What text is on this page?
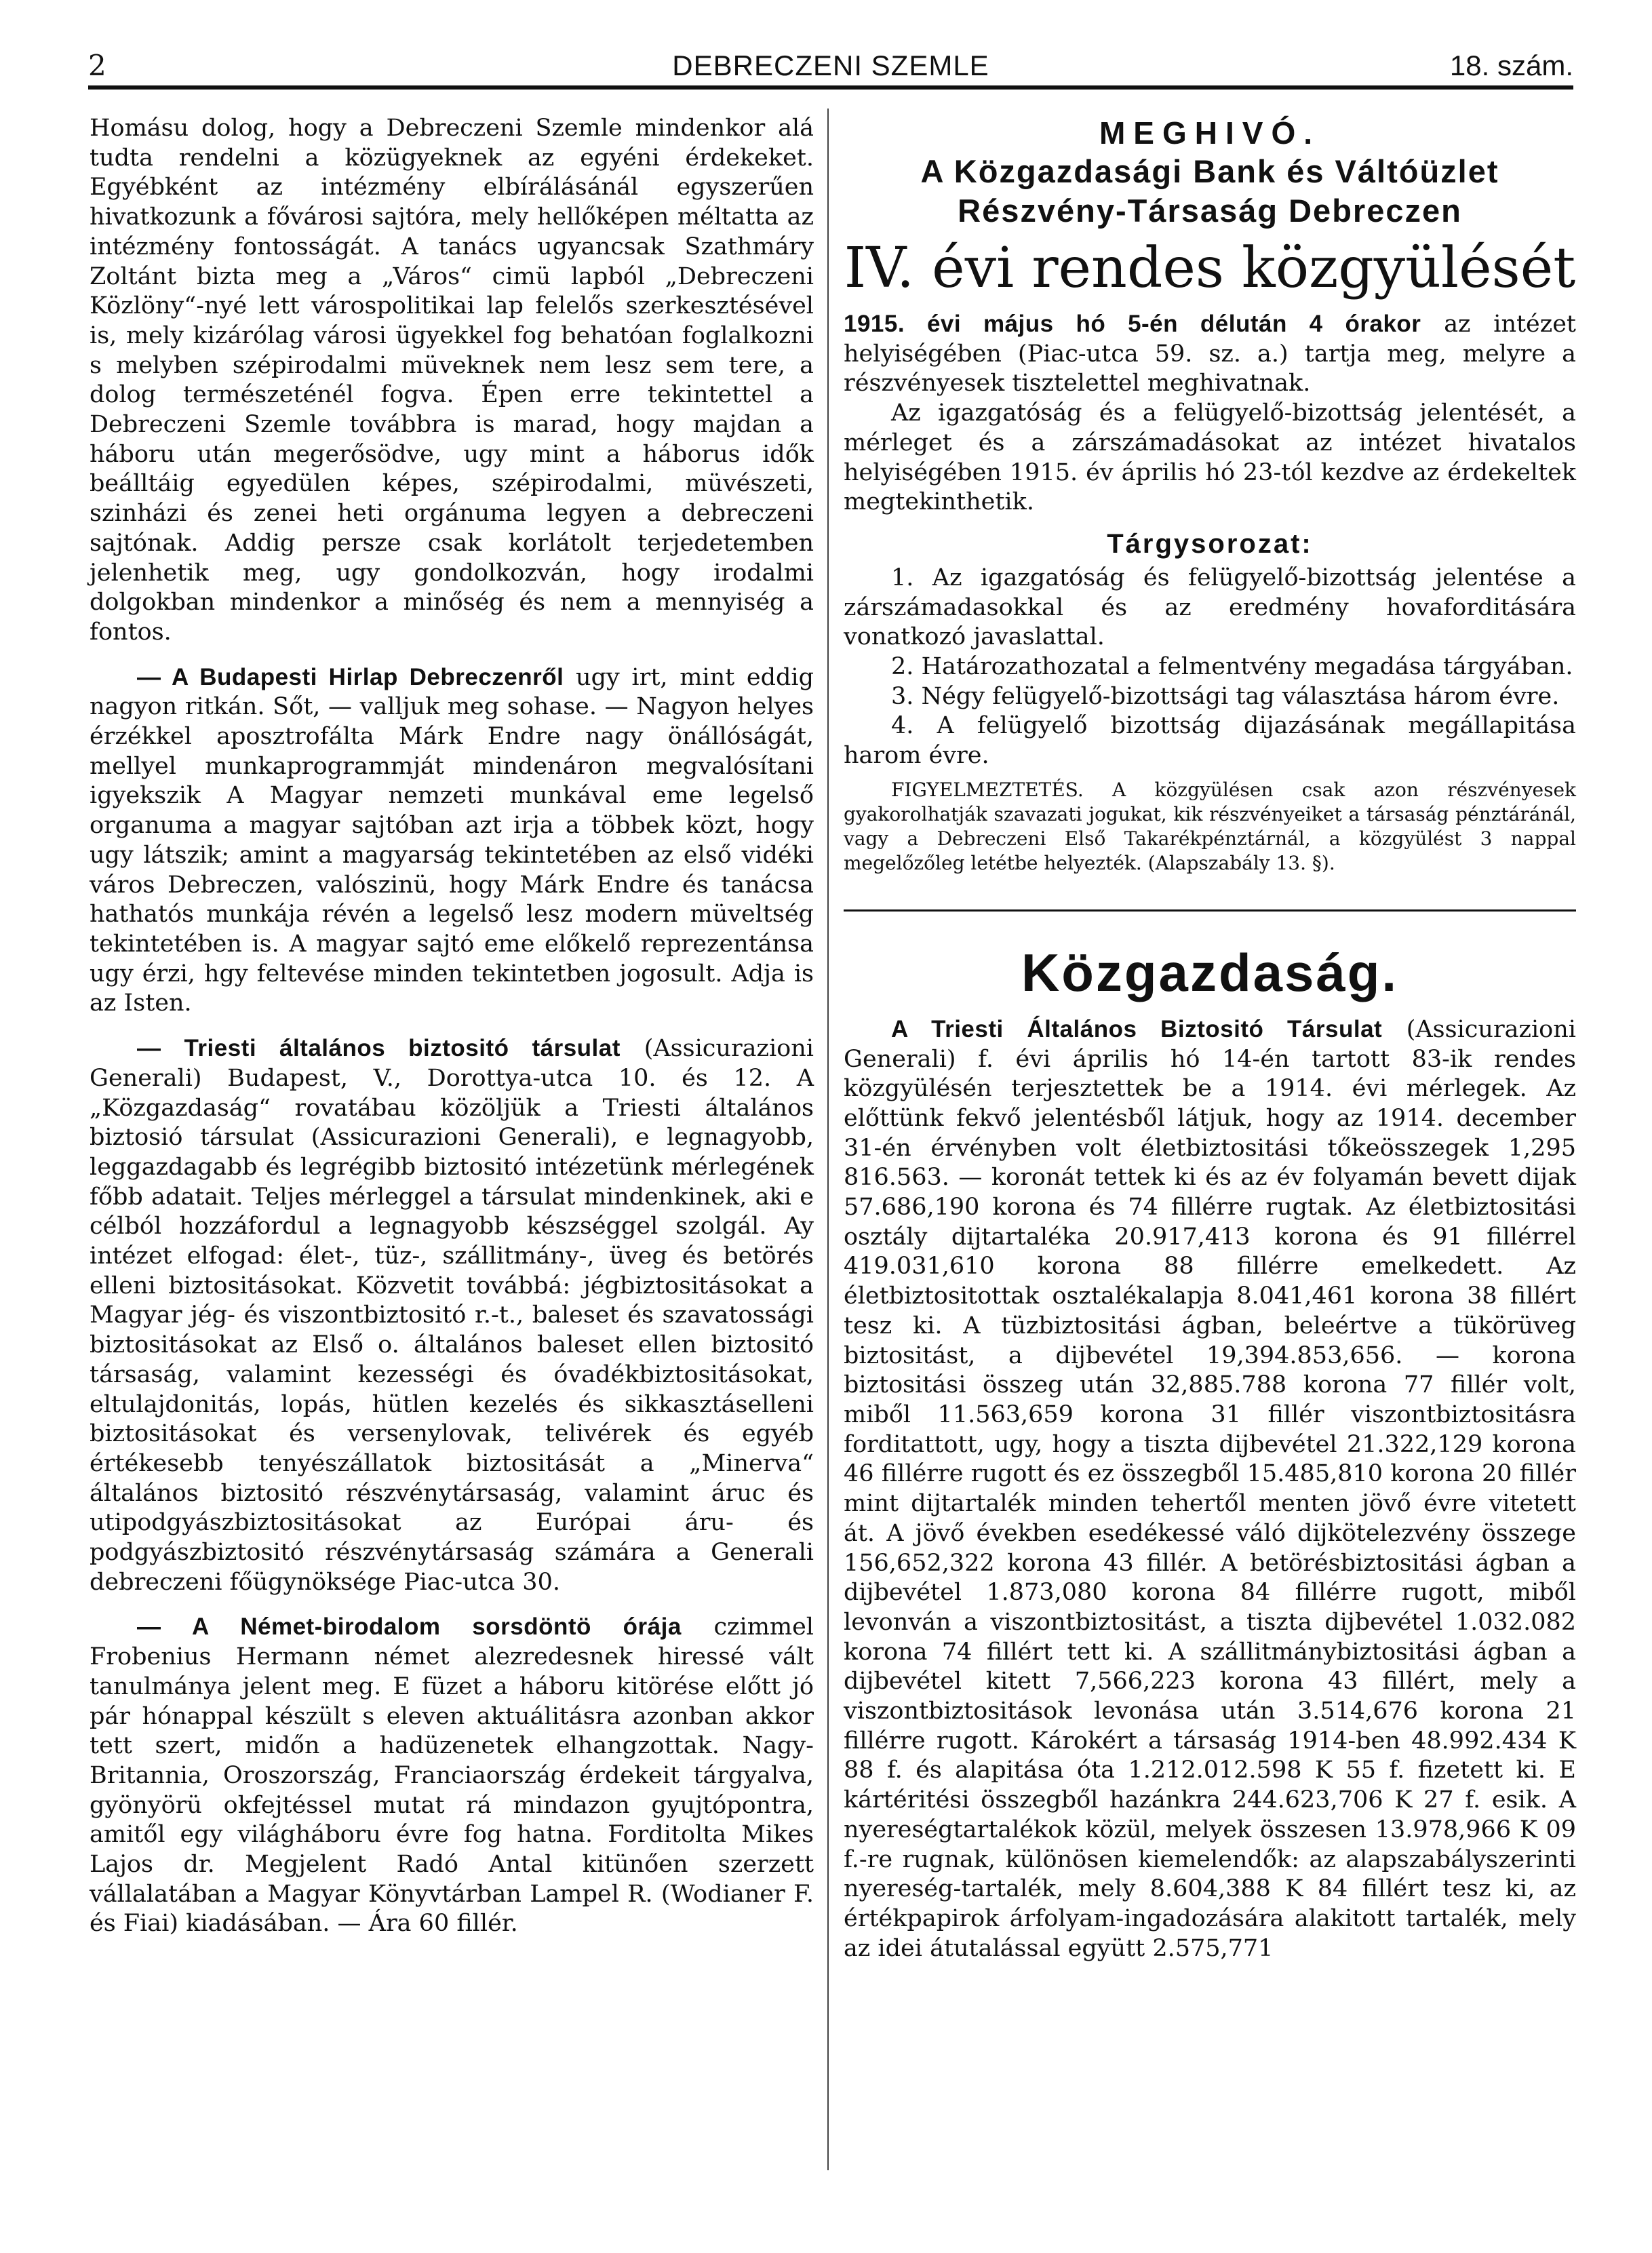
2	DEBRECZENI SZEMLE	18. szám.

Homásu dolog, hogy a Debreczeni Szemle mindenkor alá tudta rendelni a közügyeknek az egyéni érdekeket. Egyébként az intézmény elbírálásánál egyszerűen hivatkozunk a fővárosi sajtóra, mely hellőképen méltatta az intézmény fontosságát. A tanács ugyancsak Szathmáry Zoltánt bizta meg a „Város“ cimü lapból „Debreczeni Közlöny“-nyé lett várospolitikai lap felelős szerkesztésével is, mely kizárólag városi ügyekkel fog behatóan foglalkozni s melyben szépirodalmi müveknek nem lesz sem tere, a dolog természeténél fogva. Épen erre tekintettel a Debreczeni Szemle továbbra is marad, hogy majdan a háboru után megerősödve, ugy mint a háborus idők beálltáig egyedülen képes, szépirodalmi, müvészeti, szinházi és zenei heti orgánuma legyen a debreczeni sajtónak. Addig persze csak korlátolt terjedetemben jelenhetik meg, ugy gondolkozván, hogy irodalmi dolgokban mindenkor a minőség és nem a mennyiség a fontos.

— A Budapesti Hirlap Debreczenről ugy irt, mint eddig nagyon ritkán. Sőt, — valljuk meg sohase. — Nagyon helyes érzékkel aposztrofálta Márk Endre nagy önállóságát, mellyel munkaprogrammját mindenáron megvalósítani igyekszik A Magyar nemzeti munkával eme legelső organuma a magyar sajtóban azt irja a többek közt, hogy ugy látszik; amint a magyarság tekintetében az első vidéki város Debreczen, valószinü, hogy Márk Endre és tanácsa hathatós munkája révén a legelső lesz modern müveltség tekintetében is. A magyar sajtó eme előkelő reprezentánsa ugy érzi, hgy feltevése minden tekintetben jogosult. Adja is az Isten.

— Triesti általános biztositó társulat (Assicurazioni Generali) Budapest, V., Dorottya-utca 10. és 12. A „Közgazdaság“ rovatábau közöljük a Triesti általános biztosió társulat (Assicurazioni Generali), e legnagyobb, leggazdagabb és legrégibb biztositó intézetünk mérlegének főbb adatait. Teljes mérleggel a társulat mindenkinek, aki e célból hozzáfordul a legnagyobb készséggel szolgál. Ay intézet elfogad: élet-, tüz-, szállitmány-, üveg és betörés elleni biztositásokat. Közvetit továbbá: jégbiztositásokat a Magyar jég- és viszontbiztositó r.-t., baleset és szavatossági biztositásokat az Első o. általános baleset ellen biztositó társaság, valamint kezességi és óvadékbiztositásokat, eltulajdonitás, lopás, hütlen kezelés és sikkasztáselleni biztositásokat és versenylovak, telivérek és egyéb értékesebb tenyészállatok biztositását a „Minerva“ általános biztositó részvénytársaság, valamint áruc és utipodgyászbiztositásokat az Európai áru- és podgyászbiztositó részvénytársaság számára a Generali debreczeni főügynöksége Piac-utca 30.

— A Német-birodalom sorsdöntö órája czimmel Frobenius Hermann német alezredesnek hiressé vált tanulmánya jelent meg. E füzet a háboru kitörése előtt jó pár hónappal készült s eleven aktuálitásra azonban akkor tett szert, midőn a hadüzenetek elhangzottak. Nagy-Britannia, Oroszország, Franciaország érdekeit tárgyalva, gyönyörü okfejtéssel mutat rá mindazon gyujtópontra, amitől egy világháboru évre fog hatna. Forditolta Mikes Lajos dr. Megjelent Radó Antal kitünően szerzett vállalatában a Magyar Könyvtárban Lampel R. (Wodianer F. és Fiai) kiadásában. — Ára 60 fillér.

MEGHIVÓ.
A Közgazdasági Bank és Váltóüzlet Részvény-Társaság Debreczen
IV. évi rendes közgyülését

1915. évi május hó 5-én délután 4 órakor az intézet helyiségében (Piac-utca 59. sz. a.) tartja meg, melyre a részvényesek tisztelettel meghivatnak.

Az igazgatóság és a felügyelő-bizottság jelentését, a mérleget és a zárszámadásokat az intézet hivatalos helyiségében 1915. év április hó 23-tól kezdve az érdekeltek megtekinthetik.

Tárgysorozat:

1. Az igazgatóság és felügyelő-bizottság jelentése a zárszámadasokkal és az eredmény hovaforditására vonatkozó javaslattal.

2. Határozathozatal a felmentvény megadása tárgyában.

3. Négy felügyelő-bizottsági tag választása három évre.

4. A felügyelő bizottság dijazásának megállapitása harom évre.

FIGYELMEZTETÉS. A közgyülésen csak azon részvényesek gyakorolhatják szavazati jogukat, kik részvényeiket a társaság pénztáránál, vagy a Debreczeni Első Takarékpénztárnál, a közgyülést 3 nappal megelőzőleg letétbe helyezték. (Alapszabály 13. §).

Közgazdaság.

A Triesti Általános Biztositó Társulat (Assicurazioni Generali) f. évi április hó 14-én tartott 83-ik rendes közgyülésén terjesztettek be a 1914. évi mérlegek. Az előttünk fekvő jelentésből látjuk, hogy az 1914. december 31-én érvényben volt életbiztositási tőkeösszegek 1,295 816.563. — koronát tettek ki és az év folyamán bevett dijak 57.686,190 korona és 74 fillérre rugtak. Az életbiztositási osztály dijtartaléka 20.917,413 korona és 91 fillérrel 419.031,610 korona 88 fillérre emelkedett. Az életbiztositottak osztalékalapja 8.041,461 korona 38 fillért tesz ki. A tüzbiztositási ágban, beleértve a tükörüveg biztositást, a dijbevétel 19,394.853,656. — korona biztositási összeg után 32,885.788 korona 77 fillér volt, miből 11.563,659 korona 31 fillér viszontbiztositásra forditattott, ugy, hogy a tiszta dijbevétel 21.322,129 korona 46 fillérre rugott és ez összegből 15.485,810 korona 20 fillér mint dijtartalék minden tehertől menten jövő évre vitetett át. A jövő években esedékessé váló dijkötelezvény összege 156,652,322 korona 43 fillér. A betörésbiztositási ágban a dijbevétel 1.873,080 korona 84 fillérre rugott, miből levonván a viszontbiztositást, a tiszta dijbevétel 1.032.082 korona 74 fillért tett ki. A szállitmánybiztositási ágban a dijbevétel kitett 7,566,223 korona 43 fillért, mely a viszontbiztositások levonása után 3.514,676 korona 21 fillérre rugott. Károkért a társaság 1914-ben 48.992.434 K 88 f. és alapitása óta 1.212.012.598 K 55 f. fizetett ki. E kártéritési összegből hazánkra 244.623,706 K 27 f. esik. A nyereségtartalékok közül, melyek összesen 13.978,966 K 09 f.-re rugnak, különösen kiemelendők: az alapszabályszerinti nyereség-tartalék, mely 8.604,388 K 84 fillért tesz ki, az értékpapirok árfolyam-ingadozására alakitott tartalék, mely az idei átutalással együtt 2.575,771
